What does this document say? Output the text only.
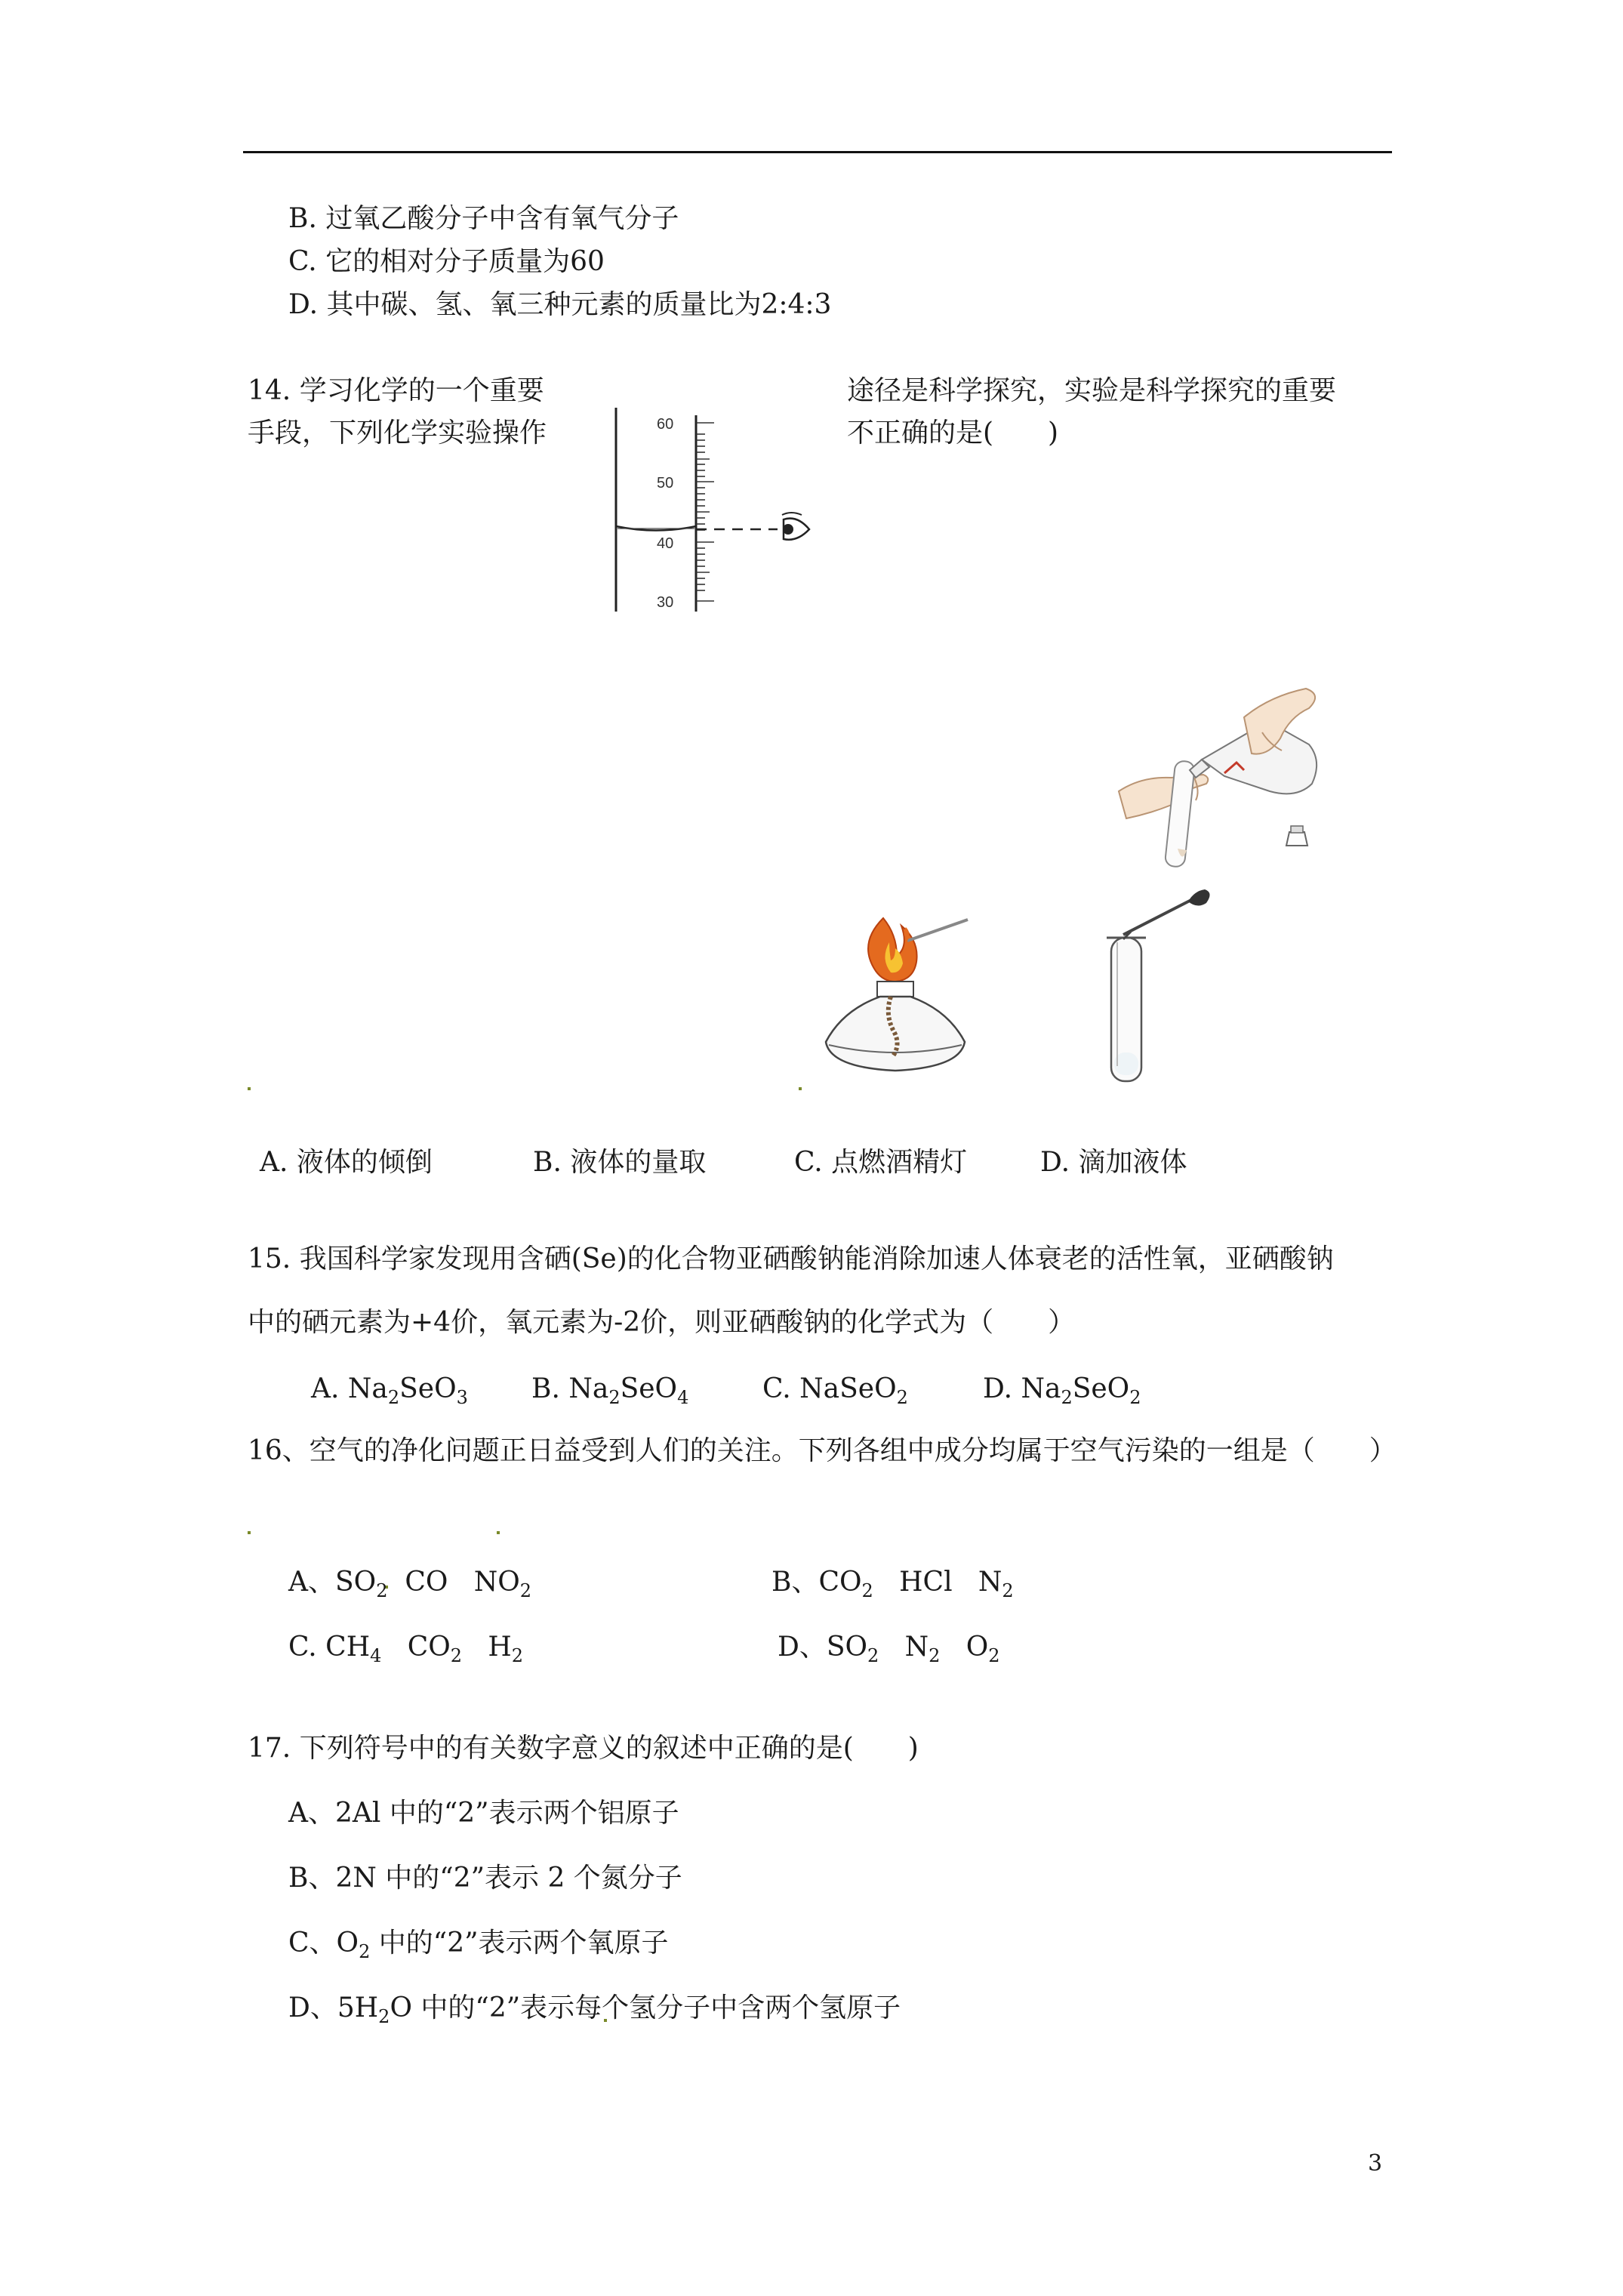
B. 过氧乙酸分子中含有氧气分子
C. 它的相对分子质量为60
D. 其中碳、氢、氧三种元素的质量比为2:4:3
14. 学习化学的一个重要
手段，下列化学实验操作
途径是科学探究，实验是科学探究的重要
不正确的是(　　)
60
50
40
30
A. 液体的倾倒	B. 液体的量取	C. 点燃酒精灯	D. 滴加液体
15. 我国科学家发现用含硒(Se)的化合物亚硒酸钠能消除加速人体衰老的活性氧，亚硒酸钠
中的硒元素为+4价，氧元素为-2价，则亚硒酸钠的化学式为（　　）
A. $Na_2SeO_3$ B. $Na_2SeO_4$	C. NaSeO$_2$	D. $Na_2SeO_2$
16、空气的净化问题正日益受到人们的关注。下列各组中成分均属于空气污染的一组是（　　）
A、$SO_2$  CO   $NO_2$	B、$CO_2$   HCl   $N_2$
C. $CH_4$   $CO_2$   $H_2$	D、$SO_2$   $N_2$   $O_2$
17. 下列符号中的有关数字意义的叙述中正确的是(　　)
A、2Al 中的“2”表示两个铝原子
B、2N 中的“2”表示 2 个氮分子
C、$O_2$ 中的“2”表示两个氧原子
D、$5H_2O$ 中的“2”表示每个氢分子中含两个氢原子
3
